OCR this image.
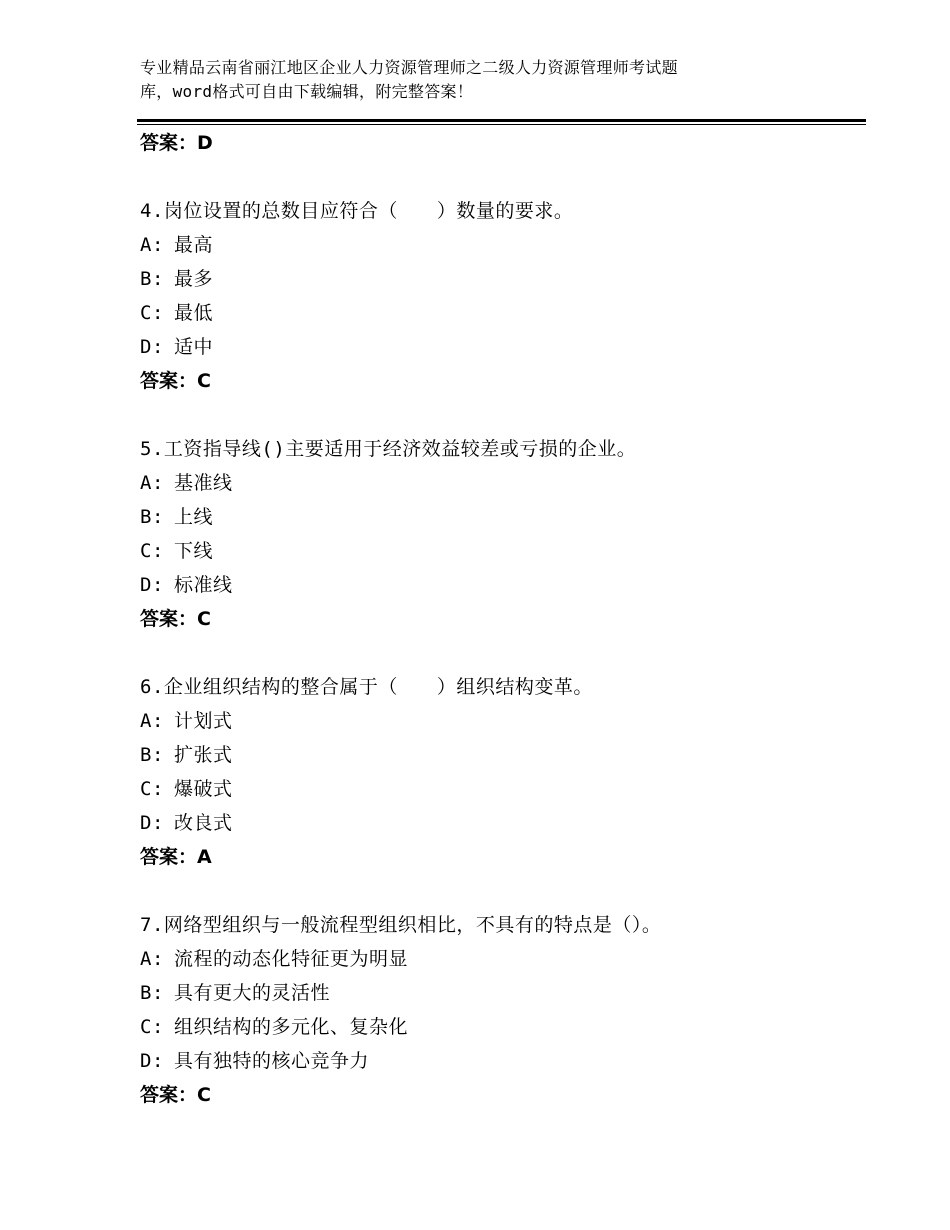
专业精品云南省丽江地区企业人力资源管理师之二级人力资源管理师考试题
库，word格式可自由下载编辑，附完整答案！
答案：D
4.岗位设置的总数目应符合（　　）数量的要求。
A: 最高
B: 最多
C: 最低
D: 适中
答案：C
5.工资指导线()主要适用于经济效益较差或亏损的企业。
A: 基准线
B: 上线
C: 下线
D: 标准线
答案：C
6.企业组织结构的整合属于（　　）组织结构变革。
A: 计划式
B: 扩张式
C: 爆破式
D: 改良式
答案：A
7.网络型组织与一般流程型组织相比，不具有的特点是（）。
A: 流程的动态化特征更为明显
B: 具有更大的灵活性
C: 组织结构的多元化、复杂化
D: 具有独特的核心竞争力
答案：C
